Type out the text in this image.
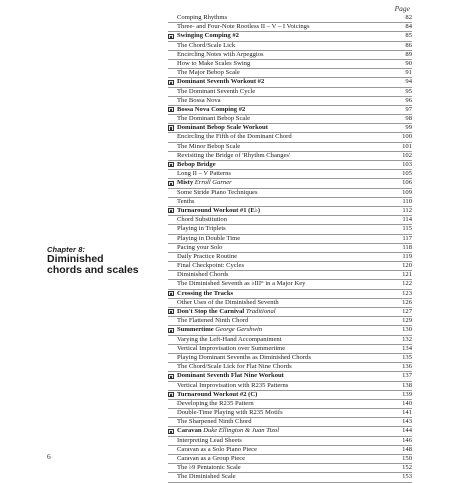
Page
Chapter 8:
Diminished
chords and scales
Comping Rhythms	82
Three- and Four-Note Rootless II – V – I Voicings	84
Swinging Comping #2	85
The Chord/Scale Lick	86
Encircling Notes with Arpeggios	89
How to Make Scales Swing	90
The Major Bebop Scale	91
Dominant Seventh Workout #2	94
The Dominant Seventh Cycle	95
The Bossa Nova	96
Bossa Nova Comping #2	97
The Dominant Bebop Scale	98
Dominant Bebop Scale Workout	99
Encircling the Fifth of the Dominant Chord	100
The Minor Bebop Scale	101
Revisiting the Bridge of 'Rhythm Changes'	102
Bebop Bridge	103
Long II – V Patterns	105
Misty Erroll Garner	106
Some Stride Piano Techniques	109
Tenths	110
Turnaround Workout #1 (E♭)	112
Chord Substitution	114
Playing in Triplets	115
Playing in Double Time	117
Pacing your Solo	118
Daily Practice Routine	119
Final Checkpoint: Cycles	120
Diminished Chords	121
The Diminished Seventh as ♭III° in a Major Key	122
Crossing the Tracks	123
Other Uses of the Diminished Seventh	126
Don't Stop the Carnival Traditional	127
The Flattened Ninth Chord	129
Summertime George Gershwin	130
Varying the Left-Hand Accompaniment	132
Vertical Improvisation over Summertime	134
Playing Dominant Sevenths as Diminished Chords	135
The Chord/Scale Lick for Flat Nine Chords	136
Dominant Seventh Flat Nine Workout	137
Vertical Improvisation with R235 Patterns	138
Turnaround Workout #2 (C)	139
Developing the R235 Pattern	140
Double-Time Playing with R235 Motifs	141
The Sharpened Ninth Chord	143
Caravan Duke Ellington & Juan Tizol	144
Interpreting Lead Sheets	146
Caravan as a Solo Piano Piece	148
Caravan as a Group Piece	150
The ♭9 Pentatonic Scale	152
The Diminished Scale	153
6
